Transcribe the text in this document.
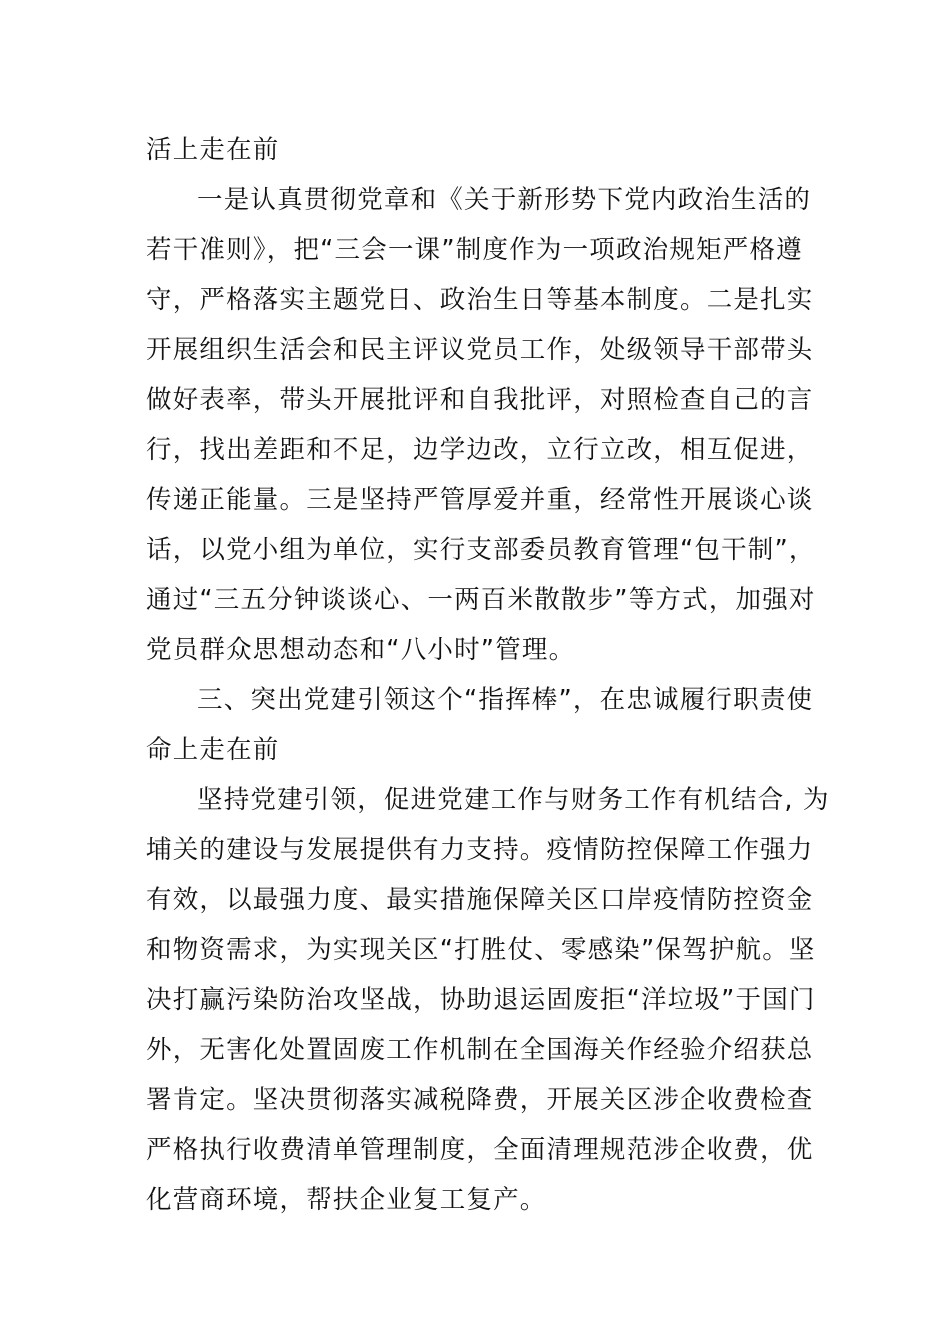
活上走在前
一是认真贯彻党章和《关于新形势下党内政治生活的
若干准则》，把“三会一课”制度作为一项政治规矩严格遵
守，严格落实主题党日、政治生日等基本制度。二是扎实
开展组织生活会和民主评议党员工作，处级领导干部带头
做好表率，带头开展批评和自我批评，对照检查自己的言
行，找出差距和不足，边学边改，立行立改，相互促进，
传递正能量。三是坚持严管厚爱并重，经常性开展谈心谈
话，以党小组为单位，实行支部委员教育管理“包干制”，
通过“三五分钟谈谈心、一两百米散散步”等方式，加强对
党员群众思想动态和“八小时”管理。
三、突出党建引领这个“指挥棒”，在忠诚履行职责使
命上走在前
坚持党建引领，促进党建工作与财务工作有机结合, 为
埔关的建设与发展提供有力支持。疫情防控保障工作强力
有效，以最强力度、最实措施保障关区口岸疫情防控资金
和物资需求，为实现关区“打胜仗、零感染”保驾护航。坚
决打赢污染防治攻坚战，协助退运固废拒“洋垃圾”于国门
外，无害化处置固废工作机制在全国海关作经验介绍获总
署肯定。坚决贯彻落实减税降费，开展关区涉企收费检查
严格执行收费清单管理制度，全面清理规范涉企收费，优
化营商环境，帮扶企业复工复产。
